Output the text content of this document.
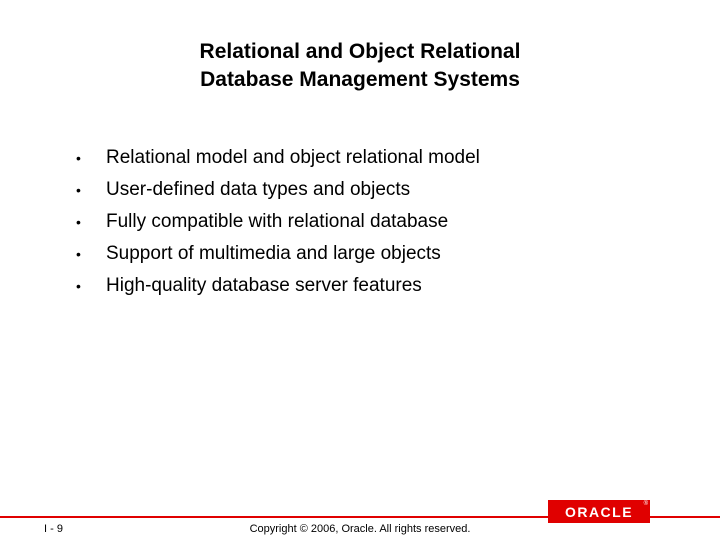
Relational and Object Relational
Database Management Systems
•	Relational model and object relational model
•	User-defined data types and objects
•	Fully compatible with relational database
•	Support of multimedia and large objects
•	High-quality database server features
ORACLE ®
I - 9	Copyright © 2006, Oracle. All rights reserved.
